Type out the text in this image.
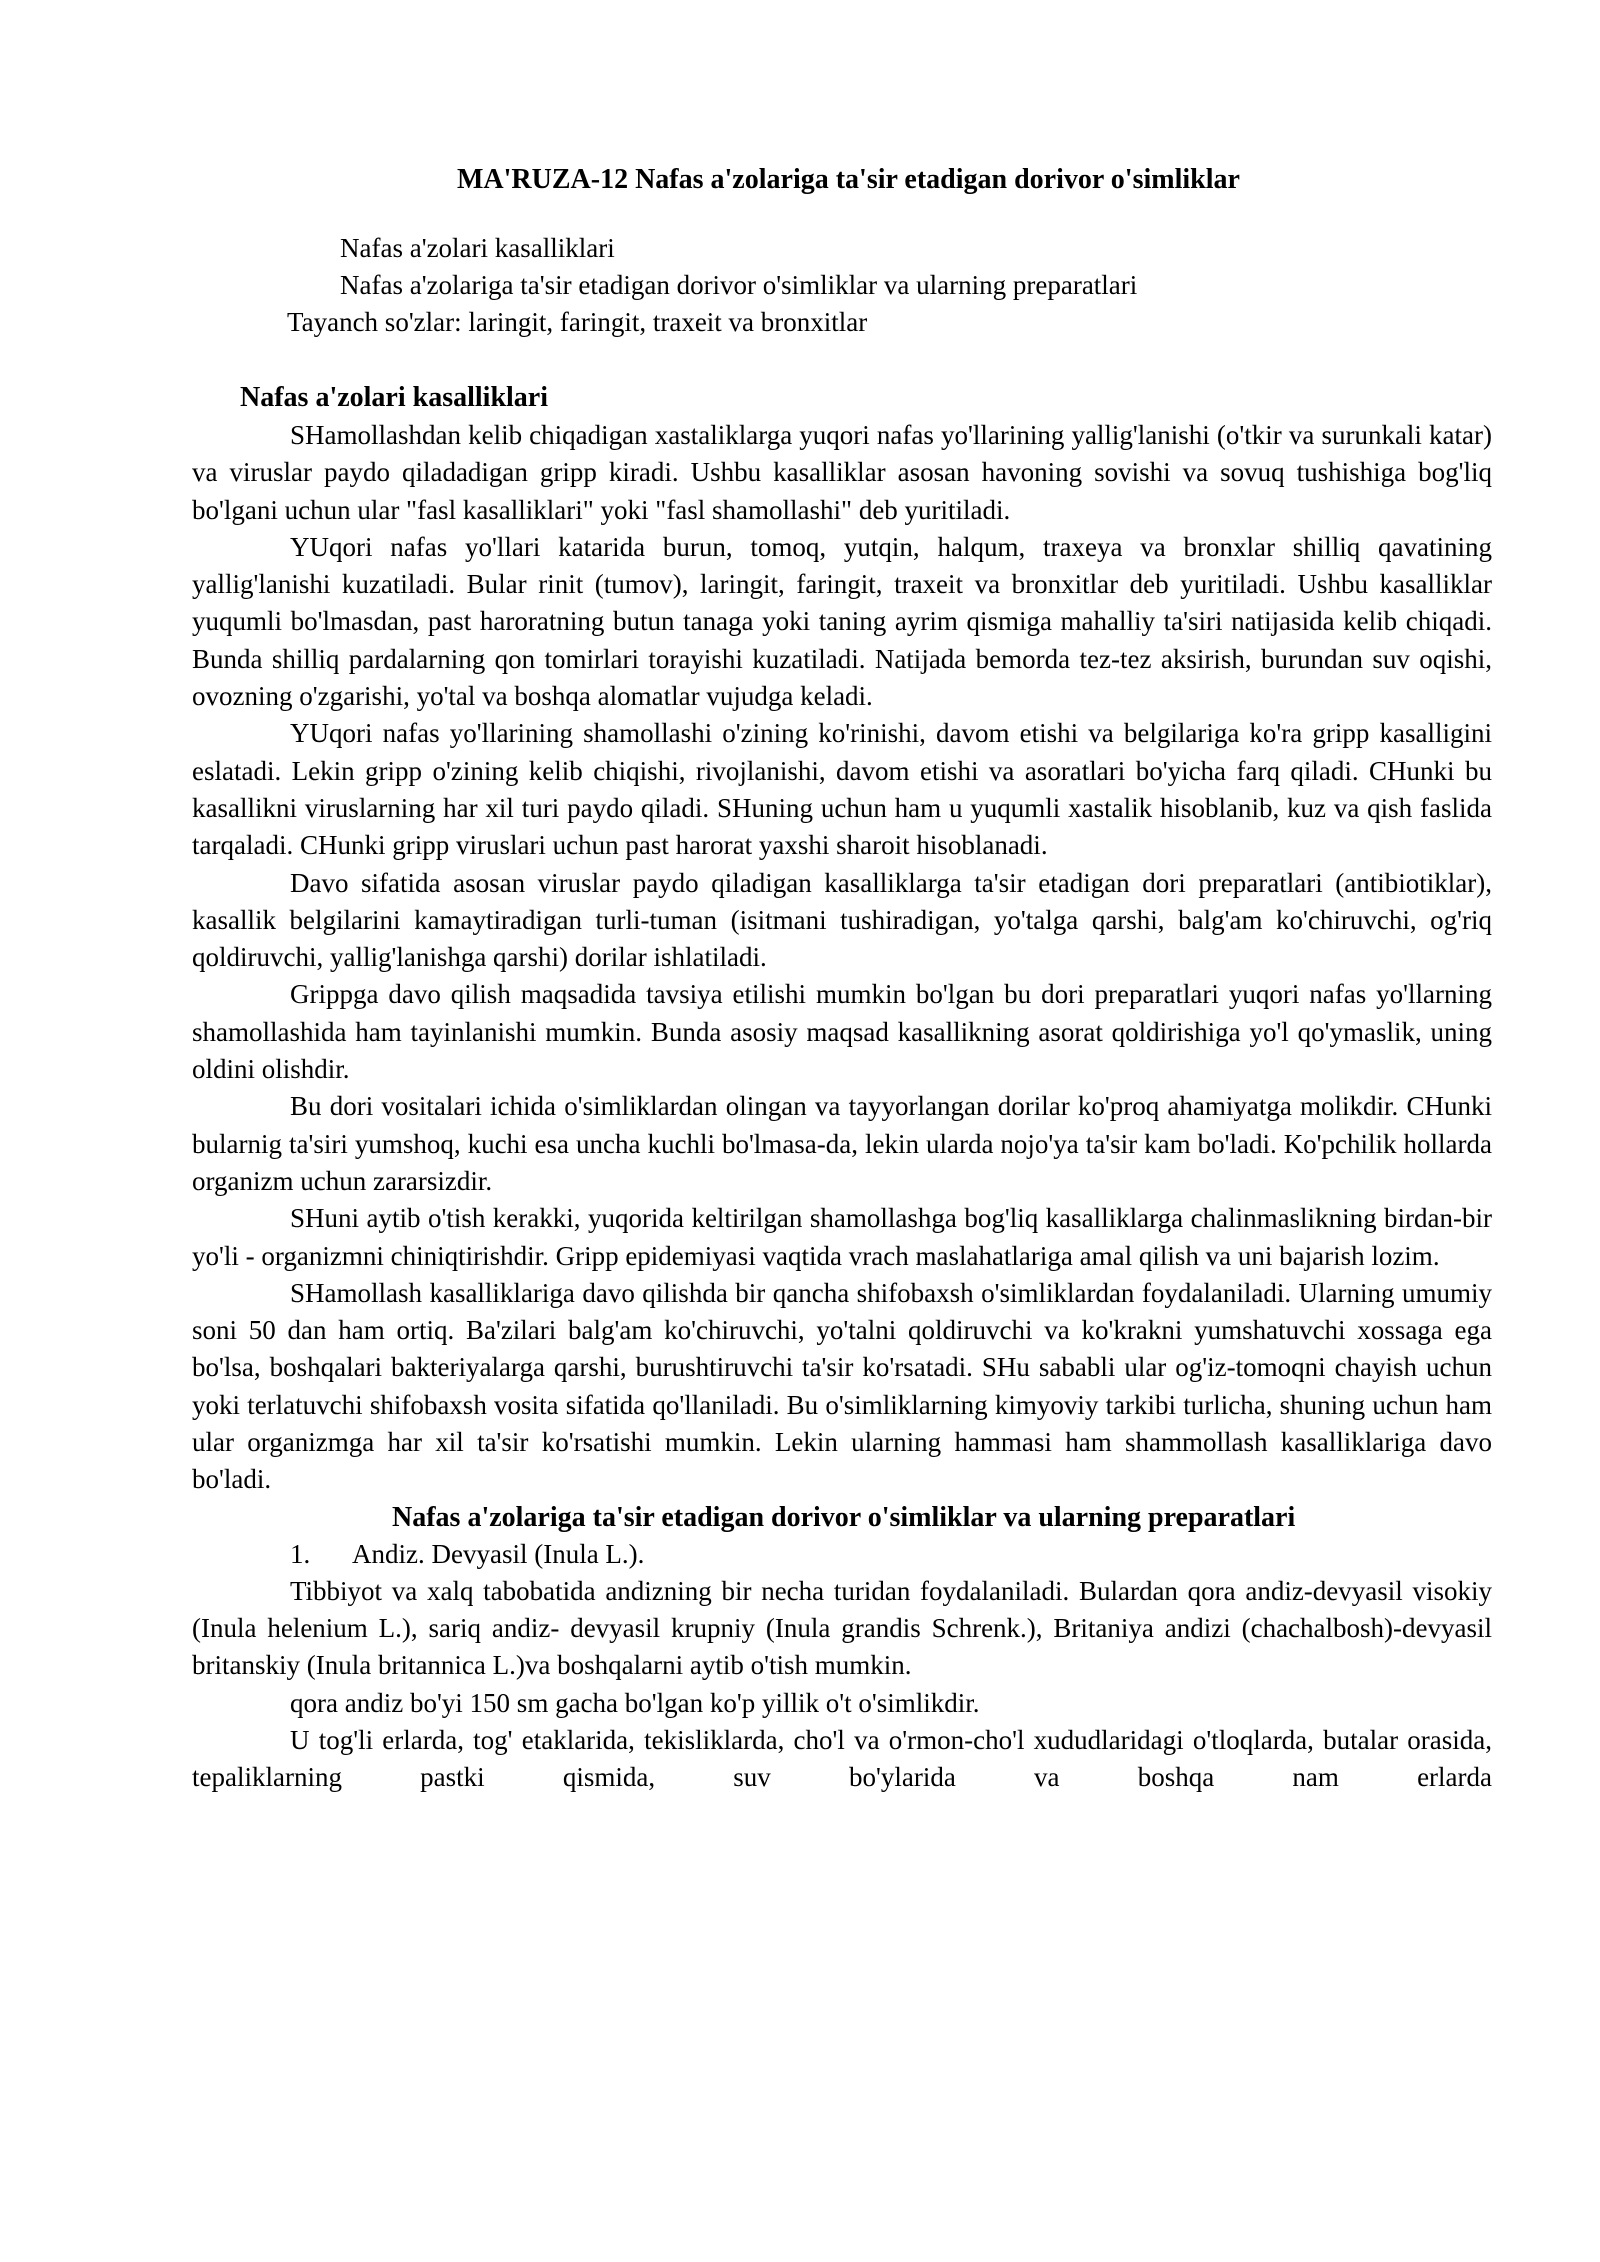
MA'RUZA-12 Nafas a'zolariga ta'sir etadigan dorivor o'simliklar
Nafas a'zolari kasalliklari
Nafas a'zolariga ta'sir etadigan dorivor o'simliklar va ularning preparatlari
Tayanch so'zlar: laringit, faringit, traxeit va bronxitlar
Nafas a'zolari kasalliklari

SHamollashdan kelib chiqadigan xastaliklarga yuqori nafas yo'llarining yallig'lanishi (o'tkir va surunkali katar) va viruslar paydo qiladadigan gripp kiradi. Ushbu kasalliklar asosan havoning sovishi va sovuq tushishiga bog'liq bo'lgani uchun ular "fasl kasalliklari" yoki "fasl shamollashi" deb yuritiladi.

YUqori nafas yo'llari katarida burun, tomoq, yutqin, halqum, traxeya va bronxlar shilliq qavatining yallig'lanishi kuzatiladi. Bular rinit (tumov), laringit, faringit, traxeit va bronxitlar deb yuritiladi. Ushbu kasalliklar yuqumli bo'lmasdan, past haroratning butun tanaga yoki taning ayrim qismiga mahalliy ta'siri natijasida kelib chiqadi. Bunda shilliq pardalarning qon tomirlari torayishi kuzatiladi. Natijada bemorda tez-tez aksirish, burundan suv oqishi, ovozning o'zgarishi, yo'tal va boshqa alomatlar vujudga keladi.

YUqori nafas yo'llarining shamollashi o'zining ko'rinishi, davom etishi va belgilariga ko'ra gripp kasalligini eslatadi. Lekin gripp o'zining kelib chiqishi, rivojlanishi, davom etishi va asoratlari bo'yicha farq qiladi. CHunki bu kasallikni viruslarning har xil turi paydo qiladi. SHuning uchun ham u yuqumli xastalik hisoblanib, kuz va qish faslida tarqaladi. CHunki gripp viruslari uchun past harorat yaxshi sharoit hisoblanadi.

Davo sifatida asosan viruslar paydo qiladigan kasalliklarga ta'sir etadigan dori preparatlari (antibiotiklar), kasallik belgilarini kamaytiradigan turli-tuman (isitmani tushiradigan, yo'talga qarshi, balg'am ko'chiruvchi, og'riq qoldiruvchi, yallig'lanishga qarshi) dorilar ishlatiladi.

Grippga davo qilish maqsadida tavsiya etilishi mumkin bo'lgan bu dori preparatlari yuqori nafas yo'llarning shamollashida ham tayinlanishi mumkin. Bunda asosiy maqsad kasallikning asorat qoldirishiga yo'l qo'ymaslik, uning oldini olishdir.

Bu dori vositalari ichida o'simliklardan olingan va tayyorlangan dorilar ko'proq ahamiyatga molikdir. CHunki bularnig ta'siri yumshoq, kuchi esa uncha kuchli bo'lmasa-da, lekin ularda nojo'ya ta'sir kam bo'ladi. Ko'pchilik hollarda organizm uchun zararsizdir.

SHuni aytib o'tish kerakki, yuqorida keltirilgan shamollashga bog'liq kasalliklarga chalinmaslikning birdan-bir yo'li - organizmni chiniqtirishdir. Gripp epidemiyasi vaqtida vrach maslahatlariga amal qilish va uni bajarish lozim.

SHamollash kasalliklariga davo qilishda bir qancha shifobaxsh o'simliklardan foydalaniladi. Ularning umumiy soni 50 dan ham ortiq. Ba'zilari balg'am ko'chiruvchi, yo'talni qoldiruvchi va ko'krakni yumshatuvchi xossaga ega bo'lsa, boshqalari bakteriyalarga qarshi, burushtiruvchi ta'sir ko'rsatadi. SHu sababli ular og'iz-tomoqni chayish uchun yoki terlatuvchi shifobaxsh vosita sifatida qo'llaniladi. Bu o'simliklarning kimyoviy tarkibi turlicha, shuning uchun ham ular organizmga har xil ta'sir ko'rsatishi mumkin. Lekin ularning hammasi ham shammollash kasalliklariga davo bo'ladi.

Nafas a'zolariga ta'sir etadigan dorivor o'simliklar va ularning preparatlari
1. Andiz. Devyasil (Inula L.).

Tibbiyot va xalq tabobatida andizning bir necha turidan foydalaniladi. Bulardan qora andiz-devyasil visokiy (Inula helenium L.), sariq andiz- devyasil krupniy (Inula grandis Schrenk.), Britaniya andizi (chachalbosh)-devyasil britanskiy (Inula britannica L.)va boshqalarni aytib o'tish mumkin.

qora andiz bo'yi 150 sm gacha bo'lgan ko'p yillik o't o'simlikdir.

U tog'li erlarda, tog' etaklarida, tekisliklarda, cho'l va o'rmon-cho'l xududlaridagi o'tloqlarda, butalar orasida, tepaliklarning pastki qismida, suv bo'ylarida va boshqa nam erlarda
